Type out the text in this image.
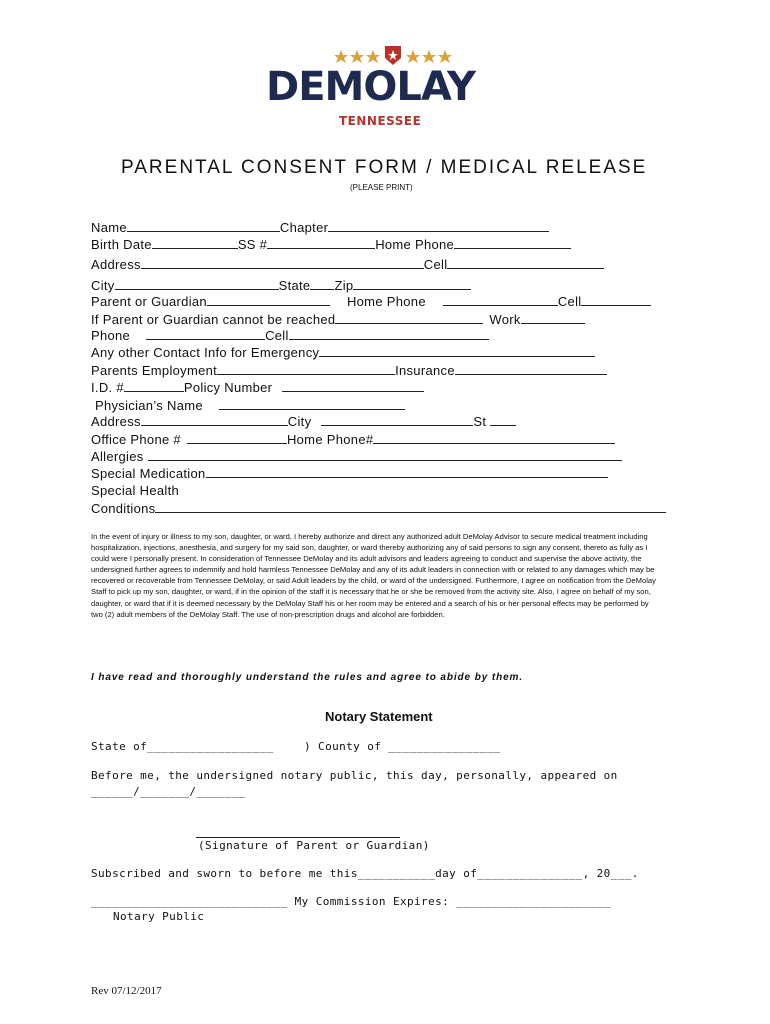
DEMOLAY
TENNESSEE
PARENTAL CONSENT FORM / MEDICAL RELEASE
(PLEASE PRINT)
Name	Chapter
Birth Date	SS #	Home Phone
Address	Cell
City	State Zip
Parent or Guardian	Home Phone	Cell
If Parent or Guardian cannot be reached	Work
Phone	Cell
Any other Contact Info for Emergency
Parents Employment	Insurance
I.D. #	Policy Number
Physician’s Name
Address	City	St
Office Phone #	Home Phone#
Allergies
Special Medication
Special Health
Conditions
In the event of injury or illness to my son, daughter, or ward, I hereby authorize and direct any authorized adult DeMolay Advisor to secure medical treatment including hospitalization, injections, anesthesia, and surgery for my said son, daughter, or ward thereby authorizing any of said persons to sign any consent, thereto as fully as I could were I personally present. In consideration of Tennessee DeMolay and its adult advisors and leaders agreeing to conduct and supervise the above activity, the undersigned further agrees to indemnify and hold harmless Tennessee DeMolay and any of its adult leaders in connection with or related to any damages which may be recovered or recoverable from Tennessee DeMolay, or said Adult leaders by the child, or ward of the undersigned. Furthermore, I agree on notification from the DeMolay Staff to pick up my son, daughter, or ward, if in the opinion of the staff it is necessary that he or she be removed from the activity site. Also, I agree on behalf of my son, daughter, or ward that if it is deemed necessary by the DeMolay Staff his or her room may be entered and a search of his or her personal effects may be performed by two (2) adult members of the DeMolay Staff. The use of non-prescription drugs and alcohol are forbidden.
I have read and thoroughly understand the rules and agree to abide by them.
Notary Statement
State of__________________	) County of ________________
Before me, the undersigned notary public, this day, personally, appeared on
______/_______/_______
(Signature of Parent or Guardian)
Subscribed and sworn to before me this___________day of_______________, 20___.
____________________________ My Commission Expires: ______________________
Notary Public
Rev 07/12/2017
